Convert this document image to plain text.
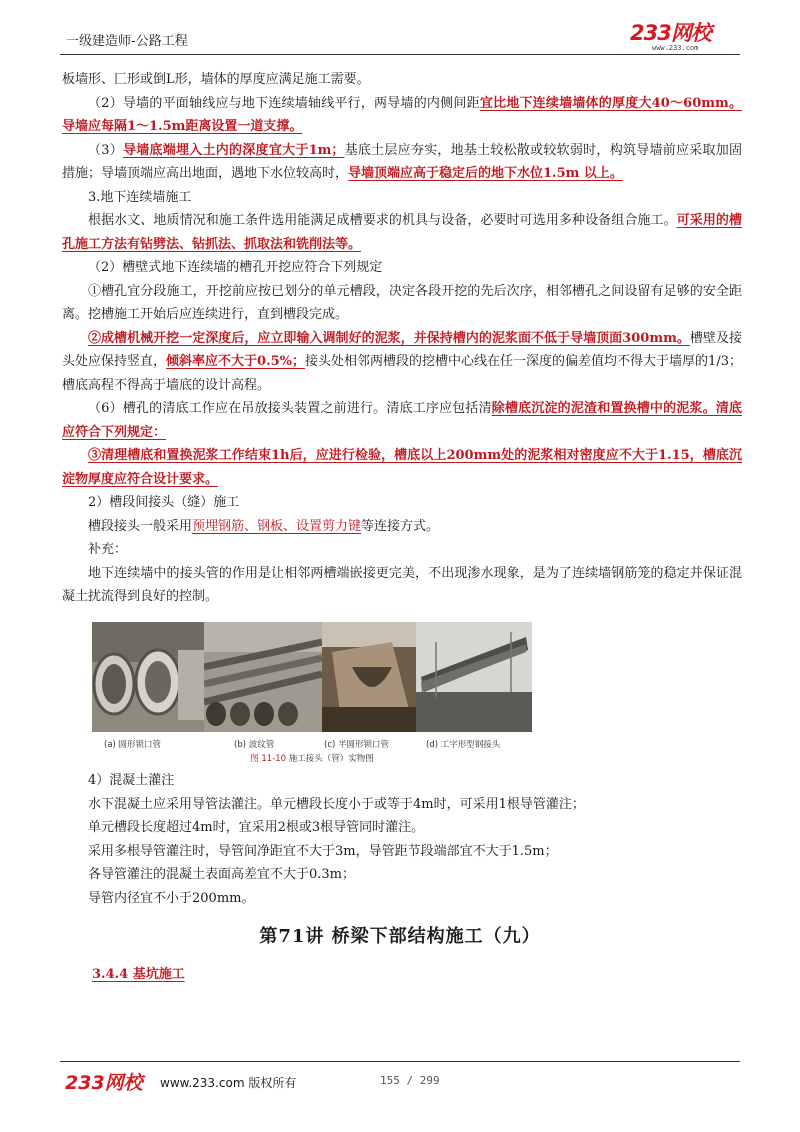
一级建造师-公路工程	233网校
www.233.com

板墙形、匚形或倒L形，墙体的厚度应满足施工需要。

（2）导墙的平面轴线应与地下连续墙轴线平行，两导墙的内侧间距宜比地下连续墙墙体的厚度大40～60mm。导墙应每隔1～1.5m距离设置一道支撑。

（3）导墙底端埋入土内的深度宜大于1m；基底土层应夯实，地基土较松散或较软弱时，构筑导墙前应采取加固措施；导墙顶端应高出地面，遇地下水位较高时，导墙顶端应高于稳定后的地下水位1.5m 以上。

3.地下连续墙施工

根据水文、地质情况和施工条件选用能满足成槽要求的机具与设备，必要时可选用多种设备组合施工。可采用的槽孔施工方法有钻劈法、钻抓法、抓取法和铣削法等。

（2）槽壁式地下连续墙的槽孔开挖应符合下列规定

①槽孔宜分段施工，开挖前应按已划分的单元槽段，决定各段开挖的先后次序，相邻槽孔之间设留有足够的安全距离。挖槽施工开始后应连续进行，直到槽段完成。

②成槽机械开挖一定深度后，应立即输入调制好的泥浆，并保持槽内的泥浆面不低于导墙顶面300mm。槽壁及接头处应保持竖直，倾斜率应不大于0.5%；接头处相邻两槽段的挖槽中心线在任一深度的偏差值均不得大于墙厚的1/3；槽底高程不得高于墙底的设计高程。

（6）槽孔的清底工作应在吊放接头装置之前进行。清底工序应包括清除槽底沉淀的泥渣和置换槽中的泥浆。清底应符合下列规定：

③清理槽底和置换泥浆工作结束1h后，应进行检验，槽底以上200mm处的泥浆相对密度应不大于1.15，槽底沉淀物厚度应符合设计要求。

2）槽段间接头（缝）施工

槽段接头一般采用预埋钢筋、钢板、设置剪力键等连接方式。

补充：

地下连续墙中的接头管的作用是让相邻两槽端嵌接更完美，不出现渗水现象，是为了连续墙钢筋笼的稳定并保证混凝土扰流得到良好的控制。

(a) 圆形锁口管	(b) 波纹管	(c) 半圆形锁口管	(d) 工字形型钢接头
图 11-10 施工接头（管）实物图

4）混凝土灌注

水下混凝土应采用导管法灌注。单元槽段长度小于或等于4m时，可采用1根导管灌注；

单元槽段长度超过4m时，宜采用2根或3根导管同时灌注。

采用多根导管灌注时，导管间净距宜不大于3m，导管距节段端部宜不大于1.5m；

各导管灌注的混凝土表面高差宜不大于0.3m；

导管内径宜不小于200mm。

第71讲 桥梁下部结构施工（九）
3.4.4 基坑施工
233网校 www.233.com 版权所有	155 / 299
